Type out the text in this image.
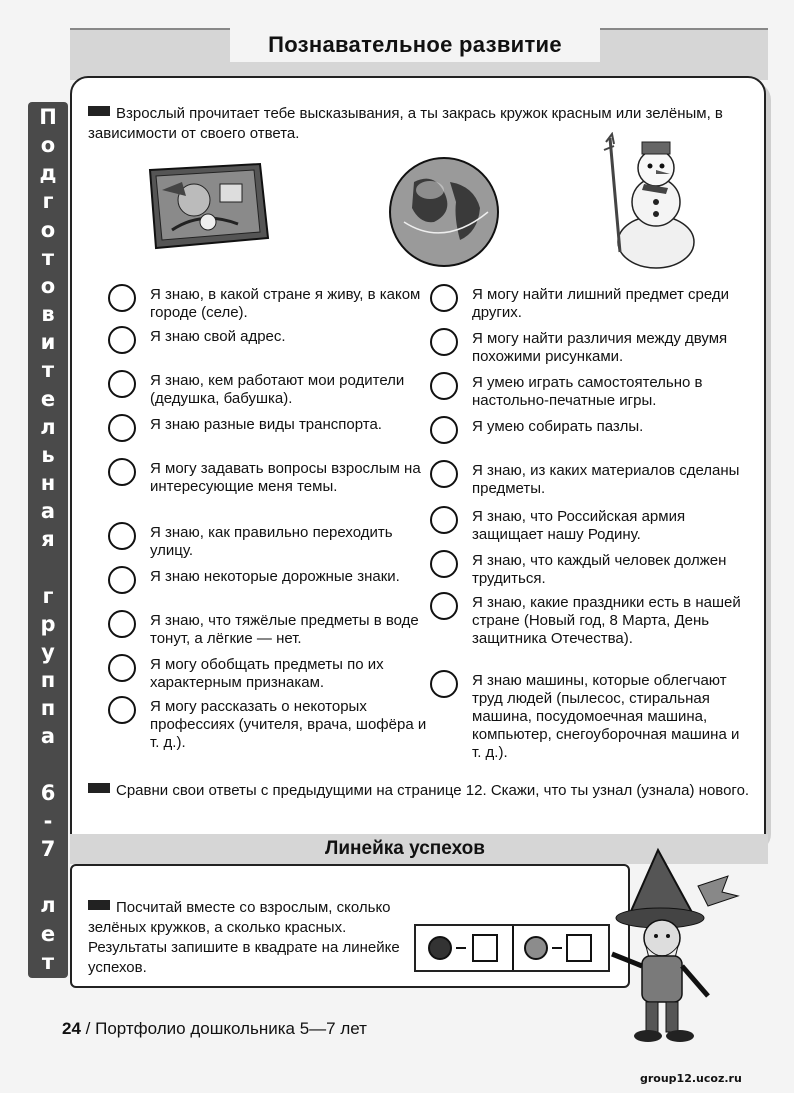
П
о
д
г
о
т
о
в
и
т
е
л
ь
н
а
я
г
р
у
п
п
а
6
-
7
л
е
т
Познавательное развитие
Взрослый прочитает тебе высказывания, а ты закрась кружок красным или зелёным, в зависимости от своего ответа.
Я знаю, в какой стране я живу, в каком городе (селе).
Я знаю свой адрес.
Я знаю, кем работают мои родители (дедушка, бабушка).
Я знаю разные виды транспорта.
Я могу задавать вопросы взрослым на интересующие меня темы.
Я знаю, как правильно переходить улицу.
Я знаю некоторые дорожные знаки.
Я знаю, что тяжёлые предметы в воде тонут, а лёгкие — нет.
Я могу обобщать предметы по их характерным признакам.
Я могу рассказать о некоторых профессиях (учителя, врача, шофёра и т. д.).
Я могу найти лишний предмет среди других.
Я могу найти различия между двумя похожими рисунками.
Я умею играть самостоятельно в настольно-печатные игры.
Я умею собирать пазлы.
Я знаю, из каких материалов сделаны предметы.
Я знаю, что Российская армия защищает нашу Родину.
Я знаю, что каждый человек должен трудиться.
Я знаю, какие праздники есть в нашей стране (Новый год, 8 Марта, День защитника Отечества).
Я знаю машины, которые облегчают труд людей (пылесос, стиральная машина, посудомоечная машина, компьютер, снегоуборочная машина и т. д.).
Сравни свои ответы с предыдущими на странице 12. Скажи, что ты узнал (узнала) нового.
Линейка успехов
Посчитай вместе со взрослым, сколько зелёных кружков, а сколько красных. Результаты запишите в квадрате на линейке успехов.
24 / Портфолио дошкольника 5—7 лет
group12.ucoz.ru
